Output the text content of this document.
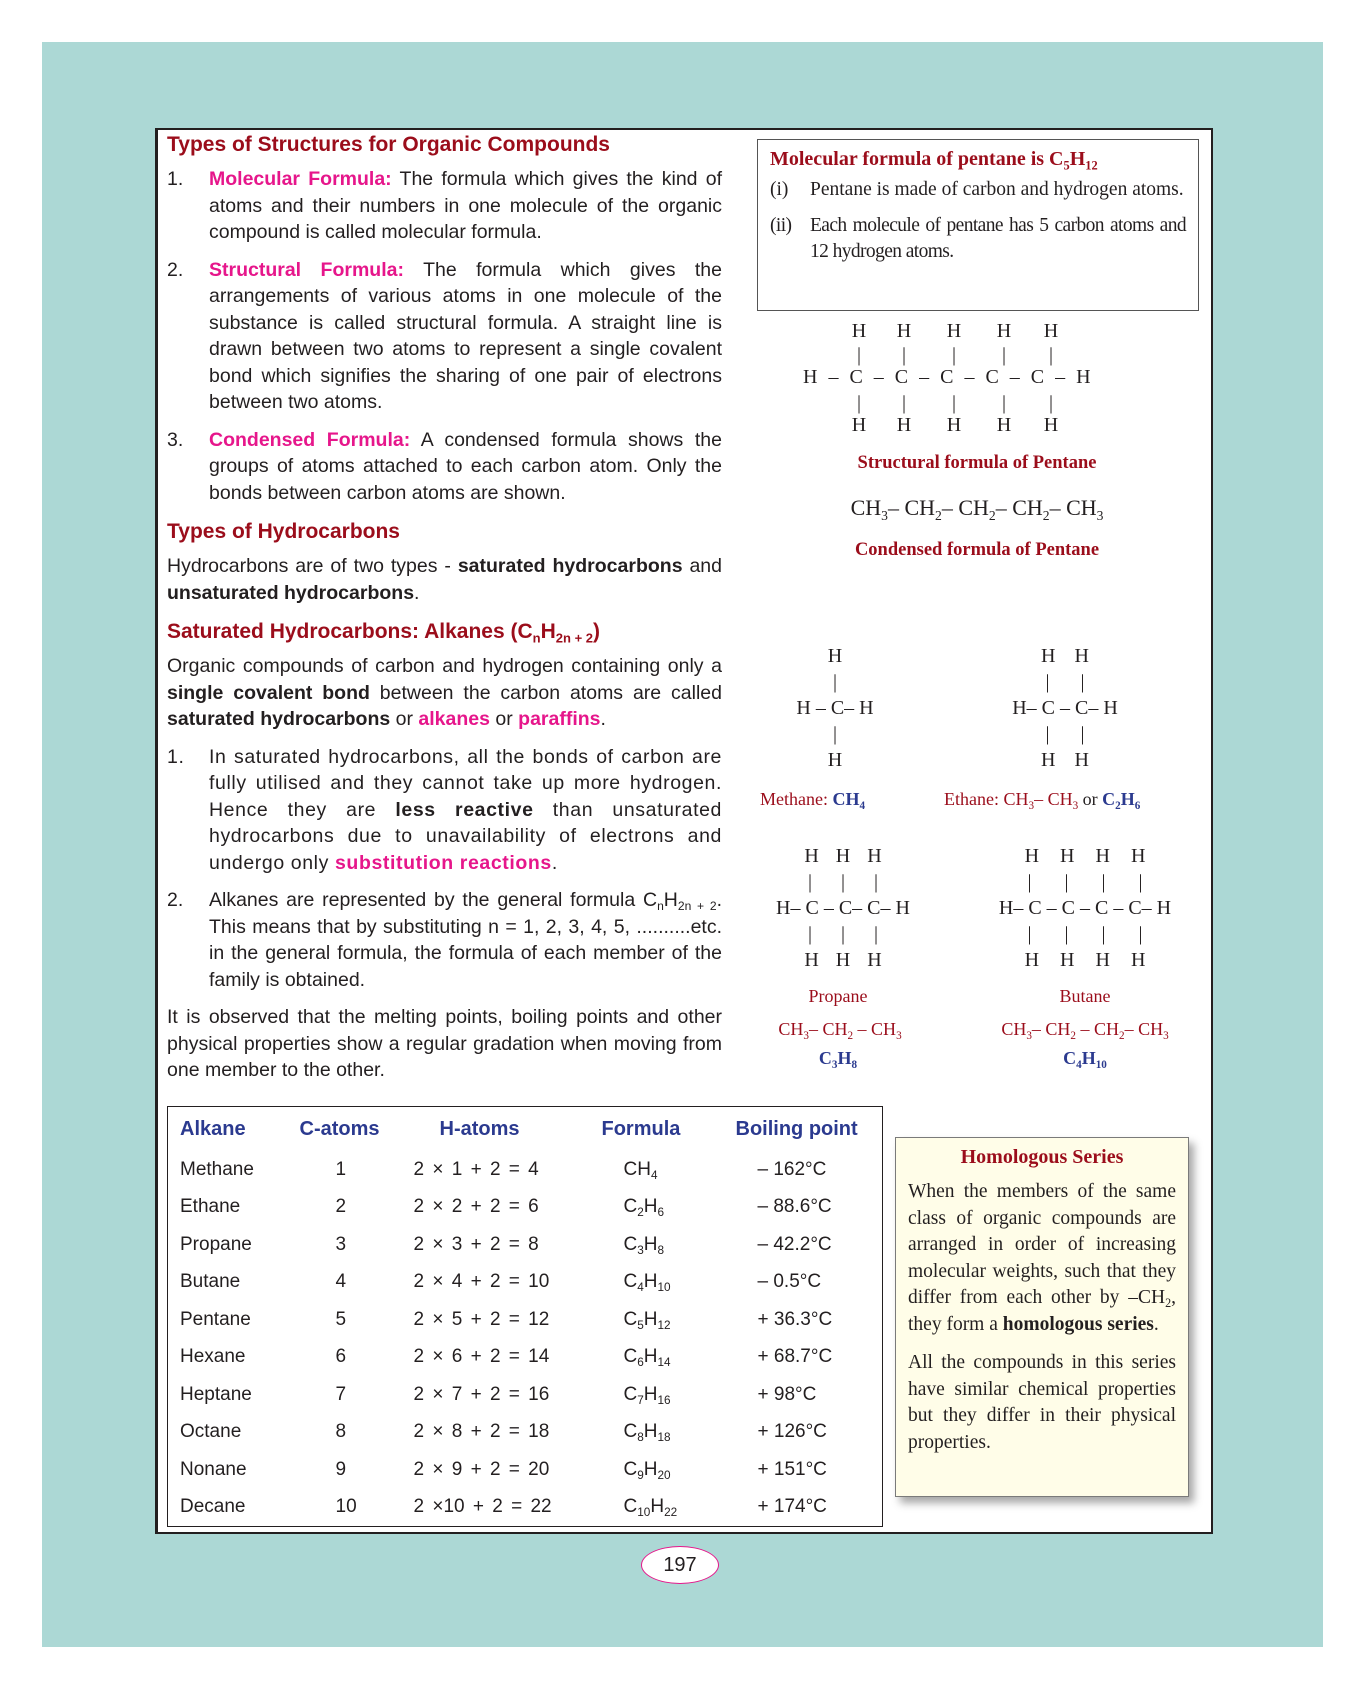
Types of Structures for Organic Compounds
1. Molecular Formula: The formula which gives the kind of atoms and their numbers in one molecule of the organic compound is called molecular formula.
2. Structural Formula: The formula which gives the arrangements of various atoms in one molecule of the substance is called structural formula. A straight line is drawn between two atoms to represent a single covalent bond which signifies the sharing of one pair of electrons between two atoms.
3. Condensed Formula: A condensed formula shows the groups of atoms attached to each carbon atom. Only the bonds between carbon atoms are shown.
Types of Hydrocarbons
Hydrocarbons are of two types - saturated hydrocarbons and unsaturated hydrocarbons.
Saturated Hydrocarbons: Alkanes $(C_nH_{2n + 2})$
Organic compounds of carbon and hydrogen containing only a single covalent bond between the carbon atoms are called saturated hydrocarbons or alkanes or paraffins.
1. In saturated hydrocarbons, all the bonds of carbon are fully utilised and they cannot take up more hydrogen. Hence they are less reactive than unsaturated hydrocarbons due to unavailability of electrons and undergo only substitution reactions.
2. Alkanes are represented by the general formula $C_nH_{2n + 2}$. This means that by substituting n = 1, 2, 3, 4, 5, ..........etc. in the general formula, the formula of each member of the family is obtained.
It is observed that the melting points, boiling points and other physical properties show a regular gradation when moving from one member to the other.
Molecular formula of pentane is $C_5H_{12}$
(i) Pentane is made of carbon and hydrogen atoms.
(ii) Each molecule of pentane has 5 carbon atoms and 12 hydrogen atoms.
H	H	H	H	H
|	|	|	|	|
H – C – C – C – C – C – H
|	|	|	|	|
H	H	H	H	H
Structural formula of Pentane
$CH_3-$ $CH_2-$ $CH_2-$ $CH_2-$ $CH_3$
Condensed formula of Pentane
H
|
H – C– H
|
H
Methane: $CH_4$
H H
| |
H– C – C– H
| |
H H
Ethane: $CH_3-$ $CH_3$ or $C_2H_6$
H H H
| | |
H– C – C– C– H
| | |
H H H
Propane
$CH_3-$ $CH_2 - CH_3$
$C_3H_8$
H H H H
| | | |
H– C – C – C – C– H
| | | |
H H H H
Butane
$CH_3-$ $CH_2 - CH_2-$ $CH_3$
$C_4H_{10}$
Alkane	C-atoms	H-atoms	Formula	Boiling point
Methane	1	2 × 1 + 2 = 4	$CH_4$	– 162°C
Ethane	2	2 × 2 + 2 = 6	$C_2H_6$	– 88.6°C
Propane	3	2 × 3 + 2 = 8	$C_3H_8$	– 42.2°C
Butane	4	2 × 4 + 2 = 10	$C_4H_{10}$	– 0.5°C
Pentane	5	2 × 5 + 2 = 12	$C_5H_{12}$	+ 36.3°C
Hexane	6	2 × 6 + 2 = 14	$C_6H_{14}$	+ 68.7°C
Heptane	7	2 × 7 + 2 = 16	$C_7H_{16}$	+ 98°C
Octane	8	2 × 8 + 2 = 18	$C_8H_{18}$	+ 126°C
Nonane	9	2 × 9 + 2 = 20	$C_9H_{20}$	+ 151°C
Decane	10	2 ×10 + 2 = 22	$C_{10}H_{22}$	+ 174°C
Homologous Series

When the members of the same class of organic compounds are arranged in order of increasing molecular weights, such that they differ from each other by $-CH_2$, they form a homologous series.

All the compounds in this series have similar chemical properties but they differ in their physical properties.

197
